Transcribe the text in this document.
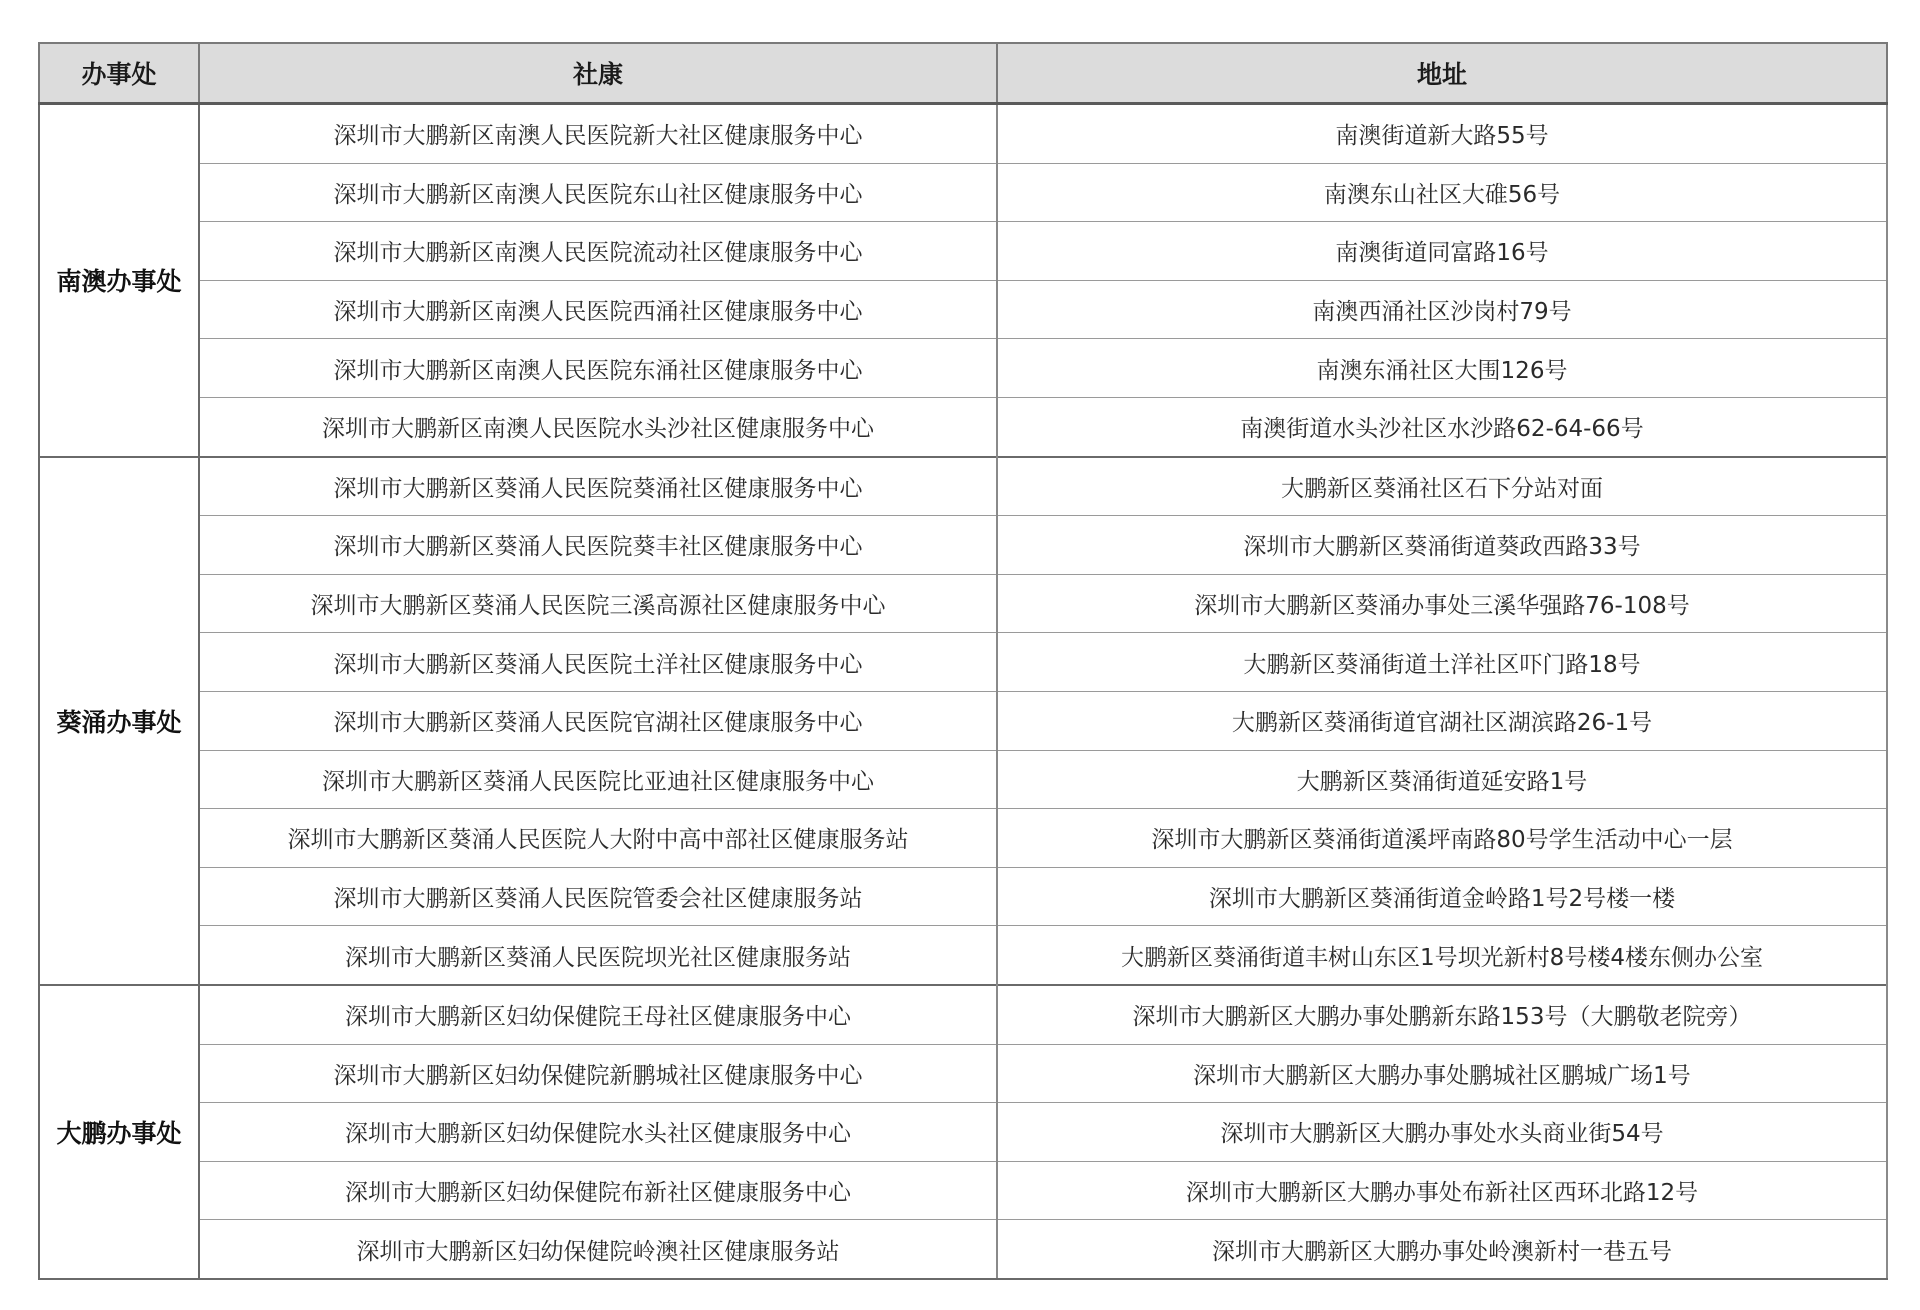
办事处	社康	地址
南澳办事处	深圳市大鹏新区南澳人民医院新大社区健康服务中心	南澳街道新大路55号
	深圳市大鹏新区南澳人民医院东山社区健康服务中心	南澳东山社区大碓56号
	深圳市大鹏新区南澳人民医院流动社区健康服务中心	南澳街道同富路16号
	深圳市大鹏新区南澳人民医院西涌社区健康服务中心	南澳西涌社区沙岗村79号
	深圳市大鹏新区南澳人民医院东涌社区健康服务中心	南澳东涌社区大围126号
	深圳市大鹏新区南澳人民医院水头沙社区健康服务中心	南澳街道水头沙社区水沙路62-64-66号
葵涌办事处	深圳市大鹏新区葵涌人民医院葵涌社区健康服务中心	大鹏新区葵涌社区石下分站对面
	深圳市大鹏新区葵涌人民医院葵丰社区健康服务中心	深圳市大鹏新区葵涌街道葵政西路33号
	深圳市大鹏新区葵涌人民医院三溪高源社区健康服务中心	深圳市大鹏新区葵涌办事处三溪华强路76-108号
	深圳市大鹏新区葵涌人民医院土洋社区健康服务中心	大鹏新区葵涌街道土洋社区吓门路18号
	深圳市大鹏新区葵涌人民医院官湖社区健康服务中心	大鹏新区葵涌街道官湖社区湖滨路26-1号
	深圳市大鹏新区葵涌人民医院比亚迪社区健康服务中心	大鹏新区葵涌街道延安路1号
	深圳市大鹏新区葵涌人民医院人大附中高中部社区健康服务站	深圳市大鹏新区葵涌街道溪坪南路80号学生活动中心一层
	深圳市大鹏新区葵涌人民医院管委会社区健康服务站	深圳市大鹏新区葵涌街道金岭路1号2号楼一楼
	深圳市大鹏新区葵涌人民医院坝光社区健康服务站	大鹏新区葵涌街道丰树山东区1号坝光新村8号楼4楼东侧办公室
大鹏办事处	深圳市大鹏新区妇幼保健院王母社区健康服务中心	深圳市大鹏新区大鹏办事处鹏新东路153号（大鹏敬老院旁）
	深圳市大鹏新区妇幼保健院新鹏城社区健康服务中心	深圳市大鹏新区大鹏办事处鹏城社区鹏城广场1号
	深圳市大鹏新区妇幼保健院水头社区健康服务中心	深圳市大鹏新区大鹏办事处水头商业街54号
	深圳市大鹏新区妇幼保健院布新社区健康服务中心	深圳市大鹏新区大鹏办事处布新社区西环北路12号
	深圳市大鹏新区妇幼保健院岭澳社区健康服务站	深圳市大鹏新区大鹏办事处岭澳新村一巷五号
